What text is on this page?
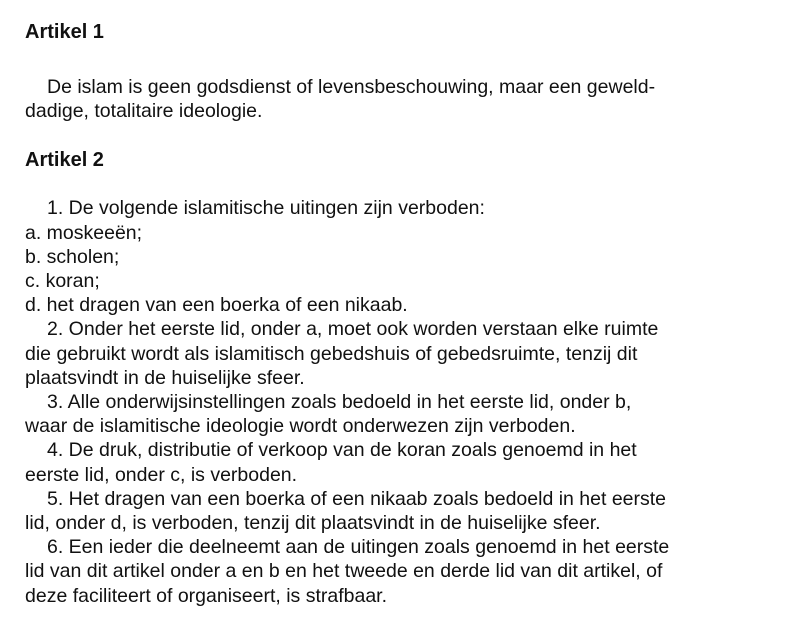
Artikel 1
De islam is geen godsdienst of levensbeschouwing, maar een geweld-
dadige, totalitaire ideologie.
Artikel 2
1. De volgende islamitische uitingen zijn verboden:
a. moskeeën;
b. scholen;
c. koran;
d. het dragen van een boerka of een nikaab.
2. Onder het eerste lid, onder a, moet ook worden verstaan elke ruimte
die gebruikt wordt als islamitisch gebedshuis of gebedsruimte, tenzij dit
plaatsvindt in de huiselijke sfeer.
3. Alle onderwijsinstellingen zoals bedoeld in het eerste lid, onder b,
waar de islamitische ideologie wordt onderwezen zijn verboden.
4. De druk, distributie of verkoop van de koran zoals genoemd in het
eerste lid, onder c, is verboden.
5. Het dragen van een boerka of een nikaab zoals bedoeld in het eerste
lid, onder d, is verboden, tenzij dit plaatsvindt in de huiselijke sfeer.
6. Een ieder die deelneemt aan de uitingen zoals genoemd in het eerste
lid van dit artikel onder a en b en het tweede en derde lid van dit artikel, of
deze faciliteert of organiseert, is strafbaar.
